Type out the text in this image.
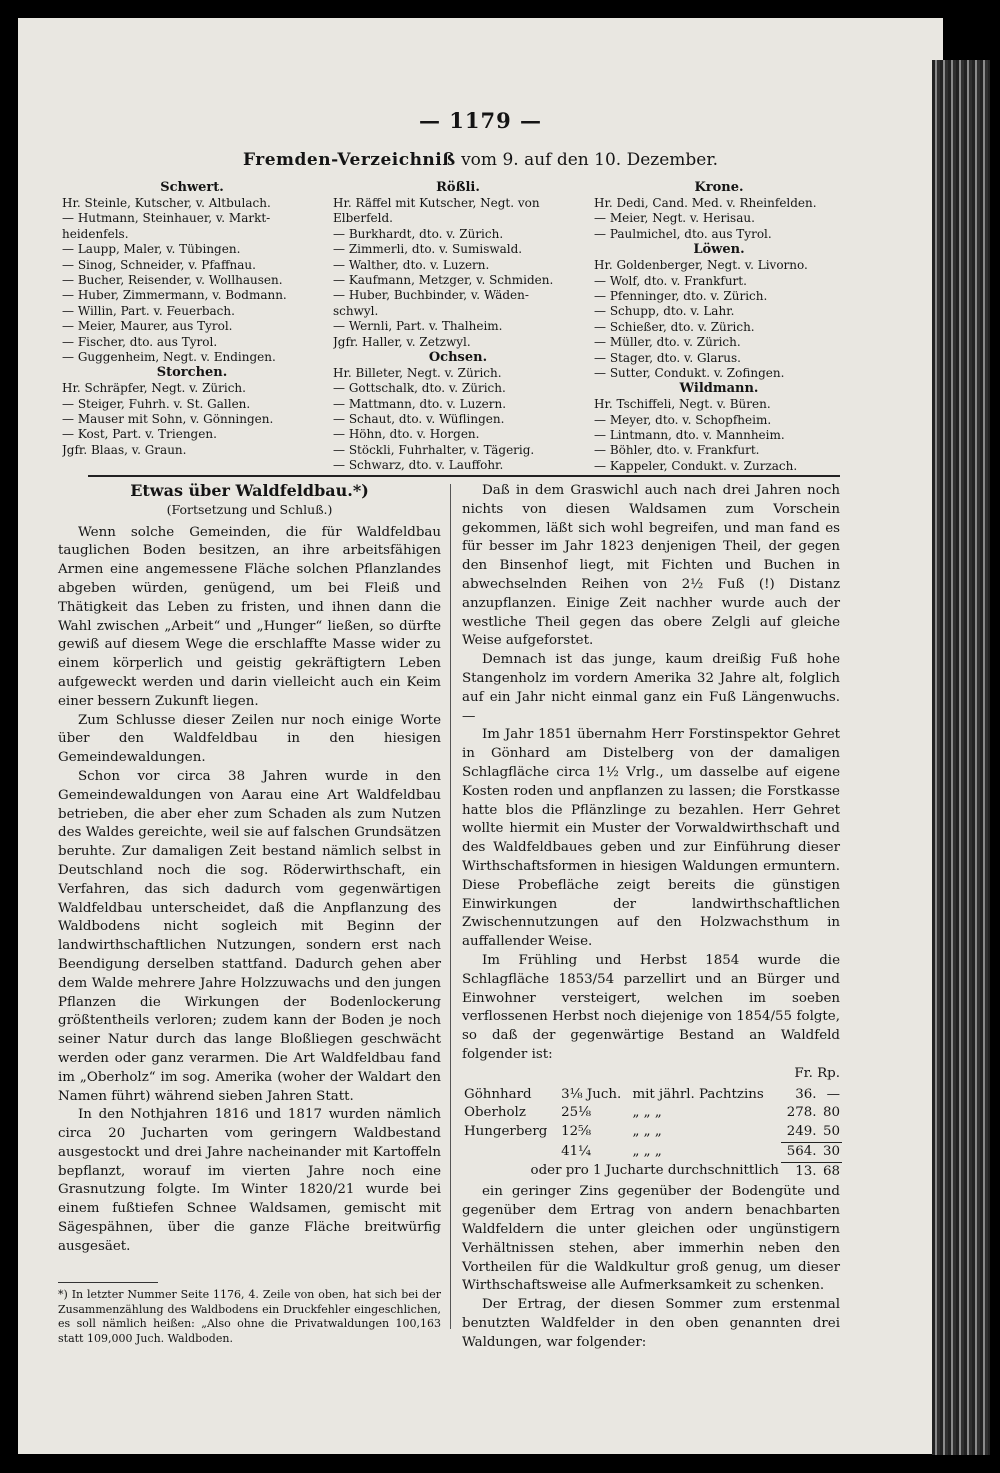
— 1179 —
Fremden-Verzeichniß vom 9. auf den 10. Dezember.
Schwert.
Hr. Steinle, Kutscher, v. Altbulach.
— Hutmann, Steinhauer, v. Markt-
heidenfels.
— Laupp, Maler, v. Tübingen.
— Sinog, Schneider, v. Pfaffnau.
— Bucher, Reisender, v. Wollhausen.
— Huber, Zimmermann, v. Bodmann.
— Willin, Part. v. Feuerbach.
— Meier, Maurer, aus Tyrol.
— Fischer, dto. aus Tyrol.
— Guggenheim, Negt. v. Endingen.
Storchen.
Hr. Schräpfer, Negt. v. Zürich.
— Steiger, Fuhrh. v. St. Gallen.
— Mauser mit Sohn, v. Gönningen.
— Kost, Part. v. Triengen.
Jgfr. Blaas, v. Graun.
Rößli.
Hr. Räffel mit Kutscher, Negt. von
Elberfeld.
— Burkhardt, dto. v. Zürich.
— Zimmerli, dto. v. Sumiswald.
— Walther, dto. v. Luzern.
— Kaufmann, Metzger, v. Schmiden.
— Huber, Buchbinder, v. Wäden-
schwyl.
— Wernli, Part. v. Thalheim.
Jgfr. Haller, v. Zetzwyl.
Ochsen.
Hr. Billeter, Negt. v. Zürich.
— Gottschalk, dto. v. Zürich.
— Mattmann, dto. v. Luzern.
— Schaut, dto. v. Wüflingen.
— Höhn, dto. v. Horgen.
— Stöckli, Fuhrhalter, v. Tägerig.
— Schwarz, dto. v. Lauffohr.
Krone.
Hr. Dedi, Cand. Med. v. Rheinfelden.
— Meier, Negt. v. Herisau.
— Paulmichel, dto. aus Tyrol.
Löwen.
Hr. Goldenberger, Negt. v. Livorno.
— Wolf, dto. v. Frankfurt.
— Pfenninger, dto. v. Zürich.
— Schupp, dto. v. Lahr.
— Schießer, dto. v. Zürich.
— Müller, dto. v. Zürich.
— Stager, dto. v. Glarus.
— Sutter, Condukt. v. Zofingen.
Wildmann.
Hr. Tschiffeli, Negt. v. Büren.
— Meyer, dto. v. Schopfheim.
— Lintmann, dto. v. Mannheim.
— Böhler, dto. v. Frankfurt.
— Kappeler, Condukt. v. Zurzach.

Etwas über Waldfeldbau.*)

(Fortsetzung und Schluß.)

Wenn solche Gemeinden, die für Waldfeldbau tauglichen Boden besitzen, an ihre arbeitsfähigen Armen eine angemessene Fläche solchen Pflanzlandes abgeben würden, genügend, um bei Fleiß und Thätigkeit das Leben zu fristen, und ihnen dann die Wahl zwischen „Arbeit“ und „Hunger“ ließen, so dürfte gewiß auf diesem Wege die erschlaffte Masse wider zu einem körperlich und geistig gekräftigtern Leben aufgeweckt werden und darin vielleicht auch ein Keim einer bessern Zukunft liegen.

Zum Schlusse dieser Zeilen nur noch einige Worte über den Waldfeldbau in den hiesigen Gemeindewaldungen.

Schon vor circa 38 Jahren wurde in den Gemeindewaldungen von Aarau eine Art Waldfeldbau betrieben, die aber eher zum Schaden als zum Nutzen des Waldes gereichte, weil sie auf falschen Grundsätzen beruhte. Zur damaligen Zeit bestand nämlich selbst in Deutschland noch die sog. Röderwirthschaft, ein Verfahren, das sich dadurch vom gegenwärtigen Waldfeldbau unterscheidet, daß die Anpflanzung des Waldbodens nicht sogleich mit Beginn der landwirthschaftlichen Nutzungen, sondern erst nach Beendigung derselben stattfand. Dadurch gehen aber dem Walde mehrere Jahre Holzzuwachs und den jungen Pflanzen die Wirkungen der Bodenlockerung größtentheils verloren; zudem kann der Boden je noch seiner Natur durch das lange Bloßliegen geschwächt werden oder ganz verarmen. Die Art Waldfeldbau fand im „Oberholz“ im sog. Amerika (woher der Waldart den Namen führt) während sieben Jahren Statt.

In den Nothjahren 1816 und 1817 wurden nämlich circa 20 Jucharten vom geringern Waldbestand ausgestockt und drei Jahre nacheinander mit Kartoffeln bepflanzt, worauf im vierten Jahre noch eine Grasnutzung folgte. Im Winter 1820/21 wurde bei einem fußtiefen Schnee Waldsamen, gemischt mit Sägespähnen, über die ganze Fläche breitwürfig ausgesäet.

*) In letzter Nummer Seite 1176, 4. Zeile von oben, hat sich bei der Zusammenzählung des Waldbodens ein Druckfehler eingeschlichen, es soll nämlich heißen: „Also ohne die Privatwaldungen 100,163 statt 109,000 Juch. Waldboden.

Daß in dem Graswichl auch nach drei Jahren noch nichts von diesen Waldsamen zum Vorschein gekommen, läßt sich wohl begreifen, und man fand es für besser im Jahr 1823 denjenigen Theil, der gegen den Binsenhof liegt, mit Fichten und Buchen in abwechselnden Reihen von 2½ Fuß (!) Distanz anzupflanzen. Einige Zeit nachher wurde auch der westliche Theil gegen das obere Zelgli auf gleiche Weise aufgeforstet.

Demnach ist das junge, kaum dreißig Fuß hohe Stangenholz im vordern Amerika 32 Jahre alt, folglich auf ein Jahr nicht einmal ganz ein Fuß Längenwuchs. —

Im Jahr 1851 übernahm Herr Forstinspektor Gehret in Gönhard am Distelberg von der damaligen Schlagfläche circa 1½ Vrlg., um dasselbe auf eigene Kosten roden und anpflanzen zu lassen; die Forstkasse hatte blos die Pflänzlinge zu bezahlen. Herr Gehret wollte hiermit ein Muster der Vorwaldwirthschaft und des Waldfeldbaues geben und zur Einführung dieser Wirthschaftsformen in hiesigen Waldungen ermuntern. Diese Probefläche zeigt bereits die günstigen Einwirkungen der landwirthschaftlichen Zwischennutzungen auf den Holzwachsthum in auffallender Weise.

Im Frühling und Herbst 1854 wurde die Schlagfläche 1853/54 parzellirt und an Bürger und Einwohner versteigert, welchen im soeben verflossenen Herbst noch diejenige von 1854/55 folgte, so daß der gegenwärtige Bestand an Waldfeld folgender ist:

Fr. Rp.
Göhnhard	3⅛ Juch.	mit jährl. Pachtzins	36.	—
Oberholz	25⅛	„ „ „	278.	80
Hungerberg	12⅝	„ „ „	249.	50
	41¼	„ „ „	564.	30
oder pro 1 Jucharte durchschnittlich			13.	68

ein geringer Zins gegenüber der Bodengüte und gegenüber dem Ertrag von andern benachbarten Waldfeldern die unter gleichen oder ungünstigern Verhältnissen stehen, aber immerhin neben den Vortheilen für die Waldkultur groß genug, um dieser Wirthschaftsweise alle Aufmerksamkeit zu schenken.

Der Ertrag, der diesen Sommer zum erstenmal benutzten Waldfelder in den oben genannten drei Waldungen, war folgender:
